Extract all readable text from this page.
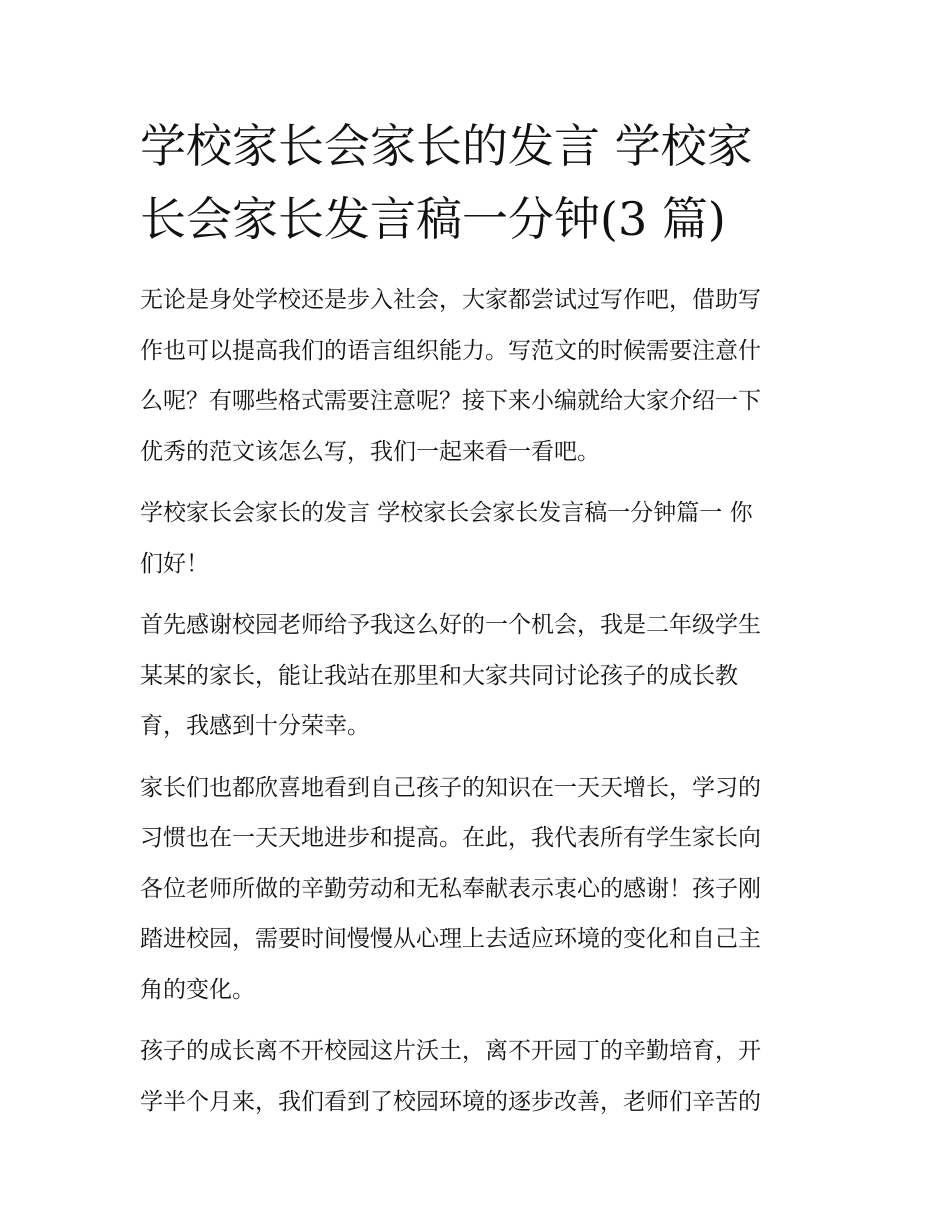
学校家长会家长的发言 学校家
长会家长发言稿一分钟(3 篇)

无论是身处学校还是步入社会，大家都尝试过写作吧，借助写
作也可以提高我们的语言组织能力。写范文的时候需要注意什
么呢？有哪些格式需要注意呢？接下来小编就给大家介绍一下
优秀的范文该怎么写，我们一起来看一看吧。

学校家长会家长的发言 学校家长会家长发言稿一分钟篇一 你
们好！

首先感谢校园老师给予我这么好的一个机会，我是二年级学生
某某的家长，能让我站在那里和大家共同讨论孩子的成长教
育，我感到十分荣幸。

家长们也都欣喜地看到自己孩子的知识在一天天增长，学习的
习惯也在一天天地进步和提高。在此，我代表所有学生家长向
各位老师所做的辛勤劳动和无私奉献表示衷心的感谢！孩子刚
踏进校园，需要时间慢慢从心理上去适应环境的变化和自己主
角的变化。

孩子的成长离不开校园这片沃土，离不开园丁的辛勤培育，开
学半个月来，我们看到了校园环境的逐步改善，老师们辛苦的
